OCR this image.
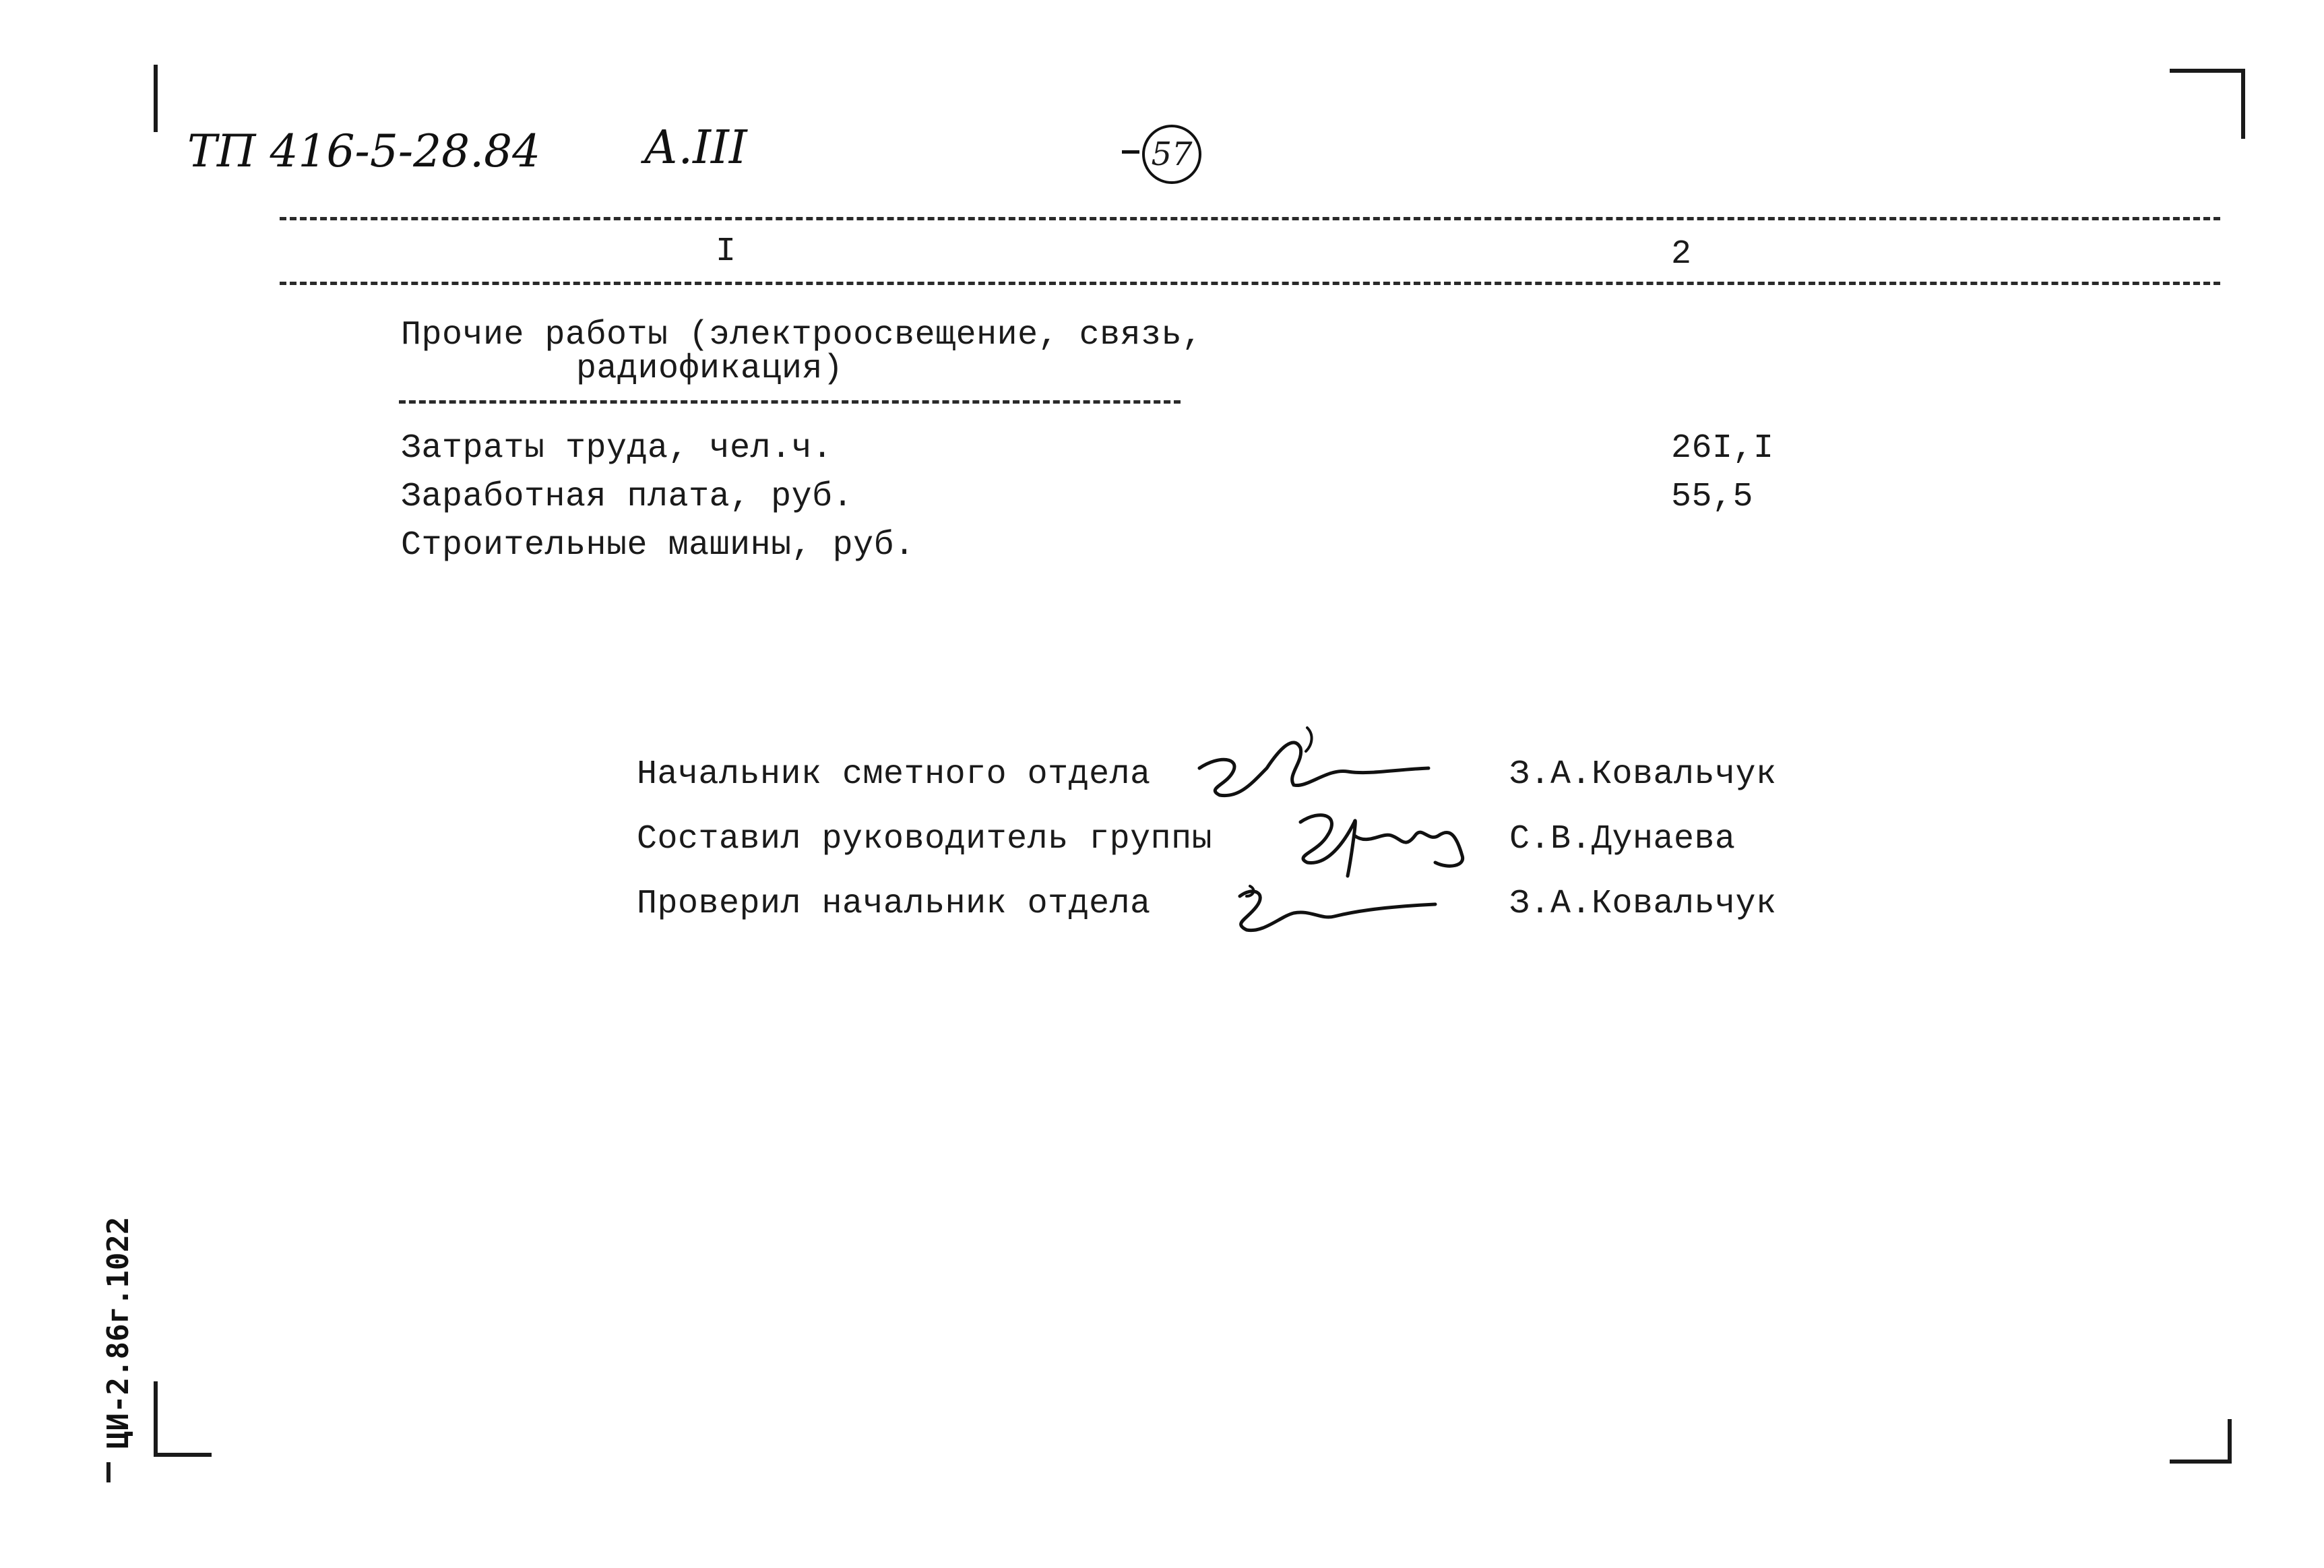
ТП 416-5-28.84 А.III	57
I	2
Прочие работы (электроосвещение, связь,
радиофикация)
Затраты труда, чел.ч.	26I,I
Заработная плата, руб.	55,5
Строительные машины, руб.
Начальник сметного отдела	З.А.Ковальчук
Составил руководитель группы	С.В.Дунаева
Проверил начальник отдела	З.А.Ковальчук
ЦИ-2.86г.1022
